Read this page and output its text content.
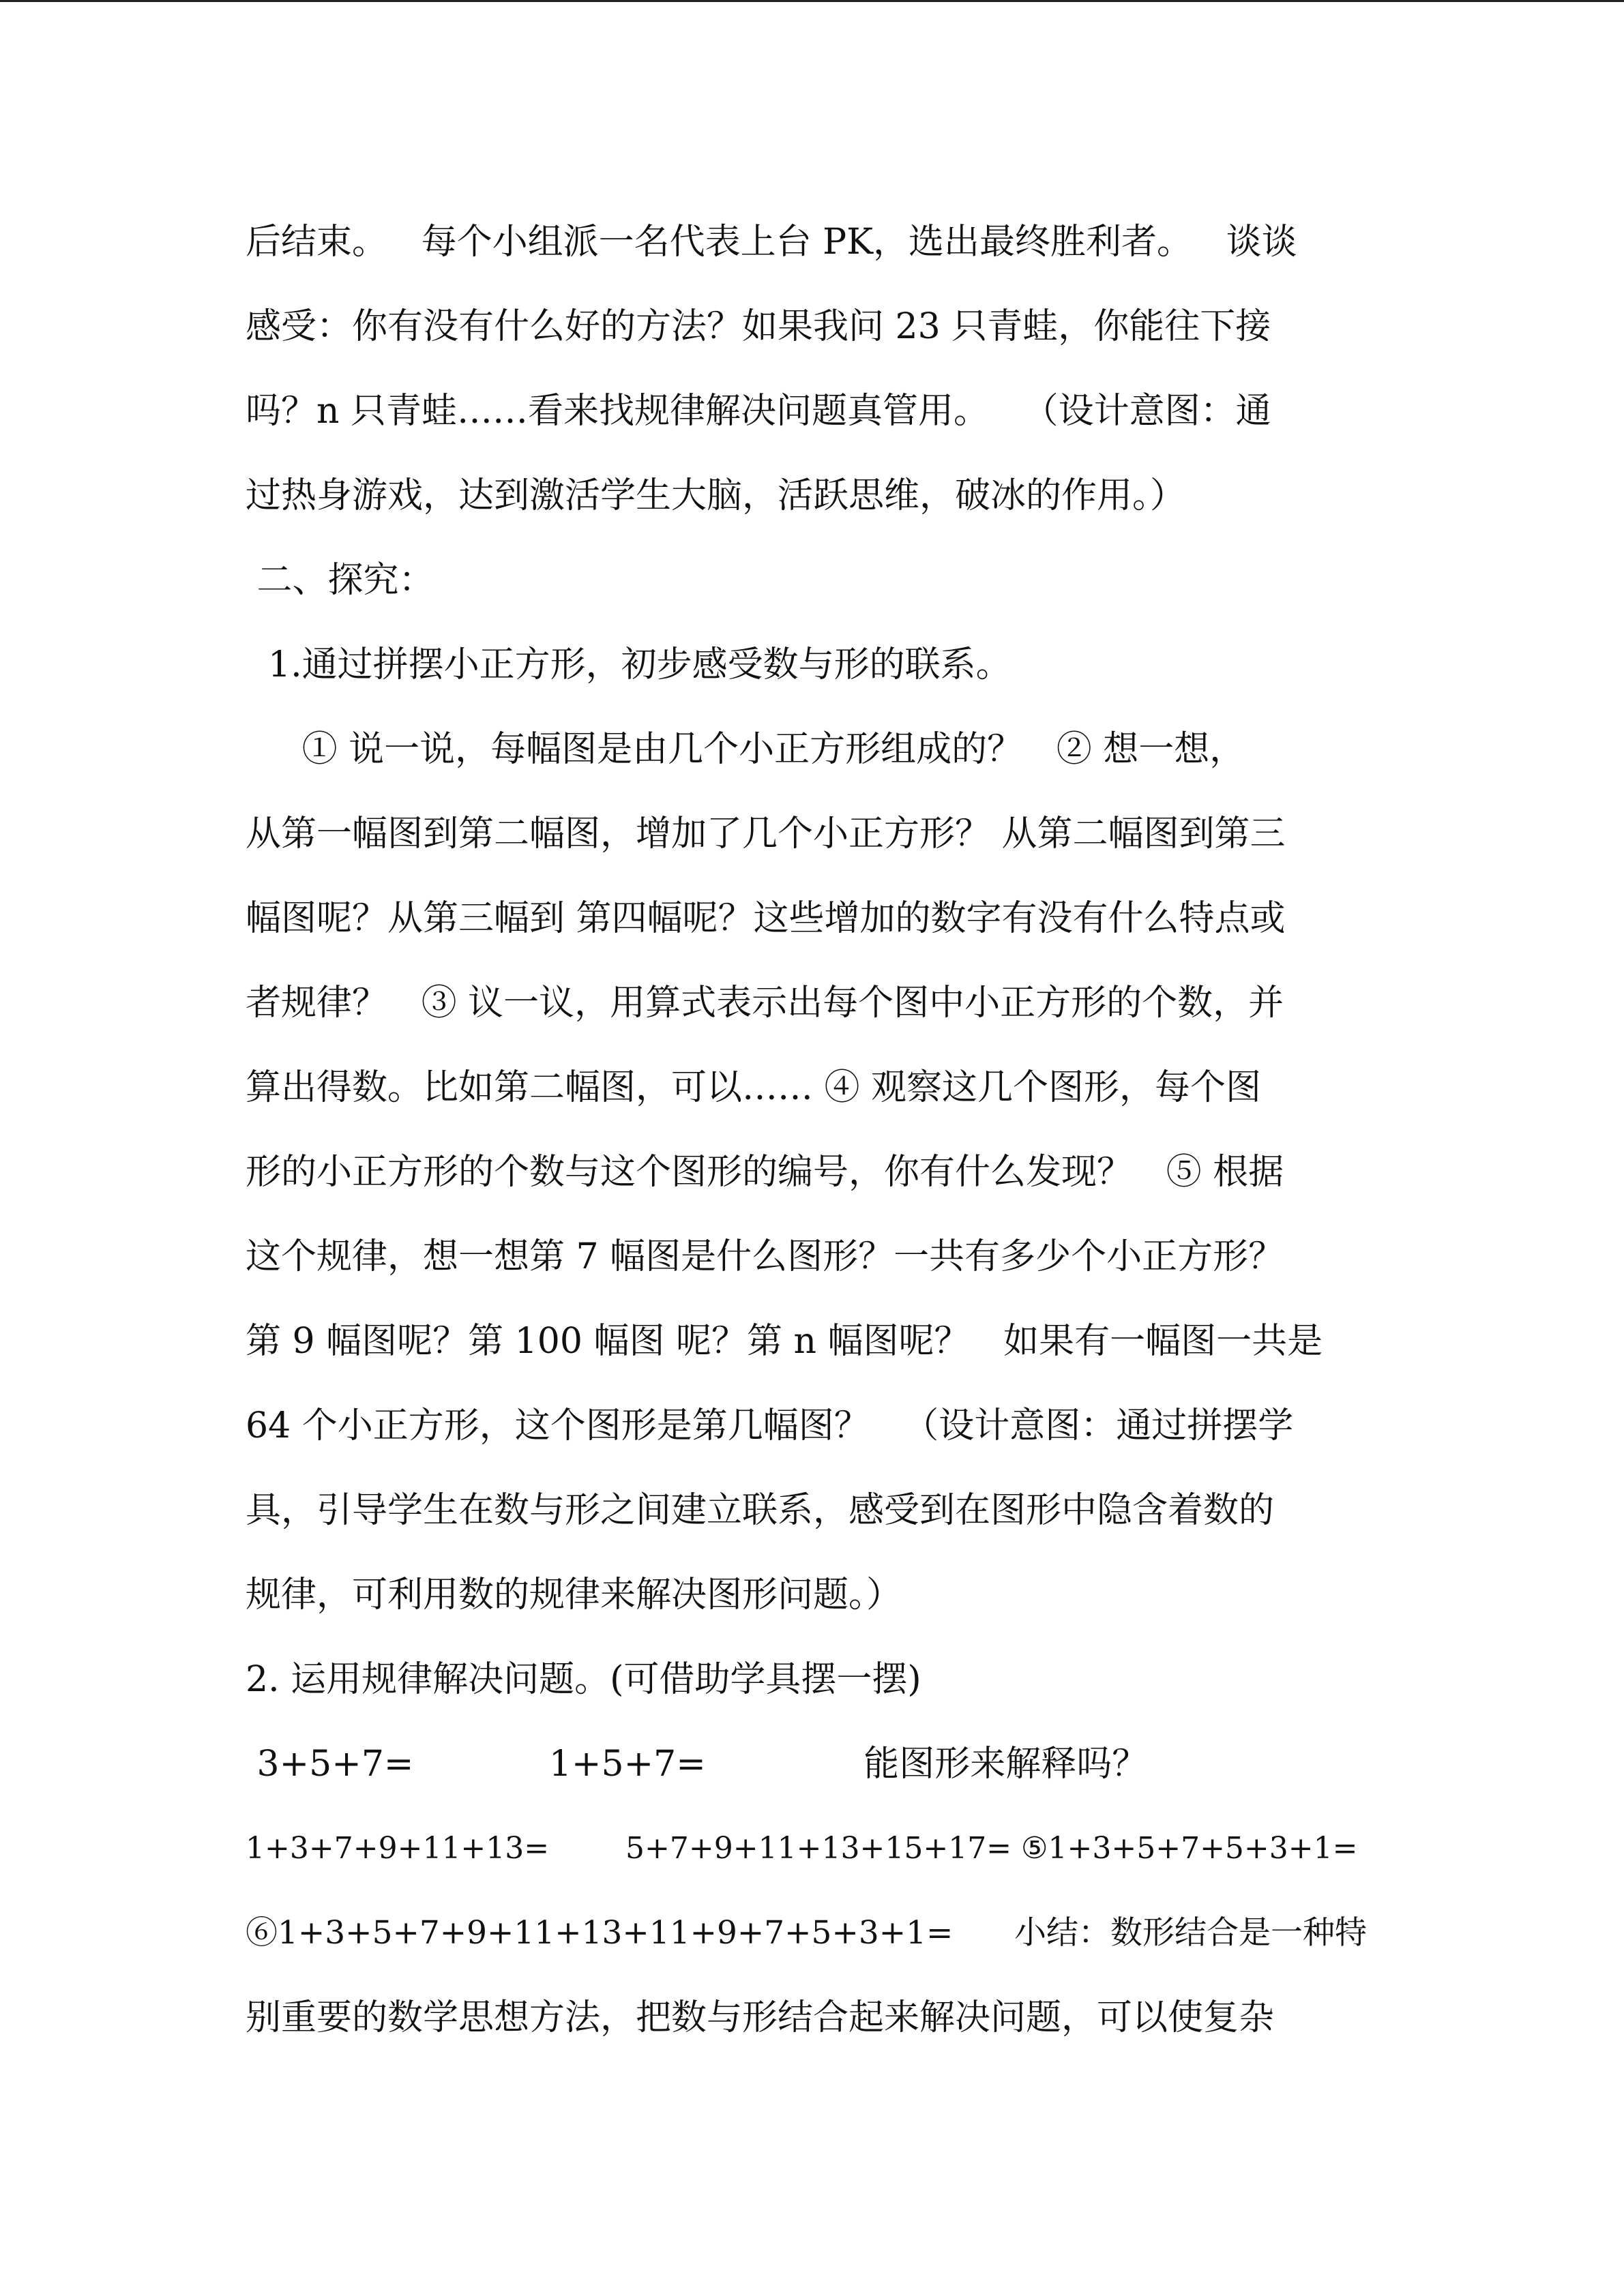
后结束。   每个小组派一名代表上台 PK，选出最终胜利者。   谈谈
感受：你有没有什么好的方法？如果我问 23 只青蛙，你能往下接
吗？n 只青蛙……看来找规律解决问题真管用。   （设计意图：通
过热身游戏，达到激活学生大脑，活跃思维，破冰的作用。）
二、探究：
1.通过拼摆小正方形，初步感受数与形的联系。
① 说一说，每幅图是由几个小正方形组成的？   ② 想一想，
从第一幅图到第二幅图，增加了几个小正方形？ 从第二幅图到第三
幅图呢？从第三幅到 第四幅呢？这些增加的数字有没有什么特点或
者规律？   ③ 议一议，用算式表示出每个图中小正方形的个数，并
算出得数。比如第二幅图，可以…… ④ 观察这几个图形，每个图
形的小正方形的个数与这个图形的编号，你有什么发现？   ⑤ 根据
这个规律，想一想第 7 幅图是什么图形？一共有多少个小正方形？
第 9 幅图呢？第 100 幅图 呢？第 n 幅图呢？   如果有一幅图一共是
64 个小正方形，这个图形是第几幅图？   （设计意图：通过拼摆学
具，引导学生在数与形之间建立联系，感受到在图形中隐含着数的
规律，可利用数的规律来解决图形问题。）
2. 运用规律解决问题。(可借助学具摆一摆)
3+5+7=            1+5+7=              能图形来解释吗？
1+3+7+9+11+13=        5+7+9+11+13+15+17= ⑤1+3+5+7+5+3+1=
⑥1+3+5+7+9+11+13+11+9+7+5+3+1=      小结：数形结合是一种特
别重要的数学思想方法，把数与形结合起来解决问题，可以使复杂
